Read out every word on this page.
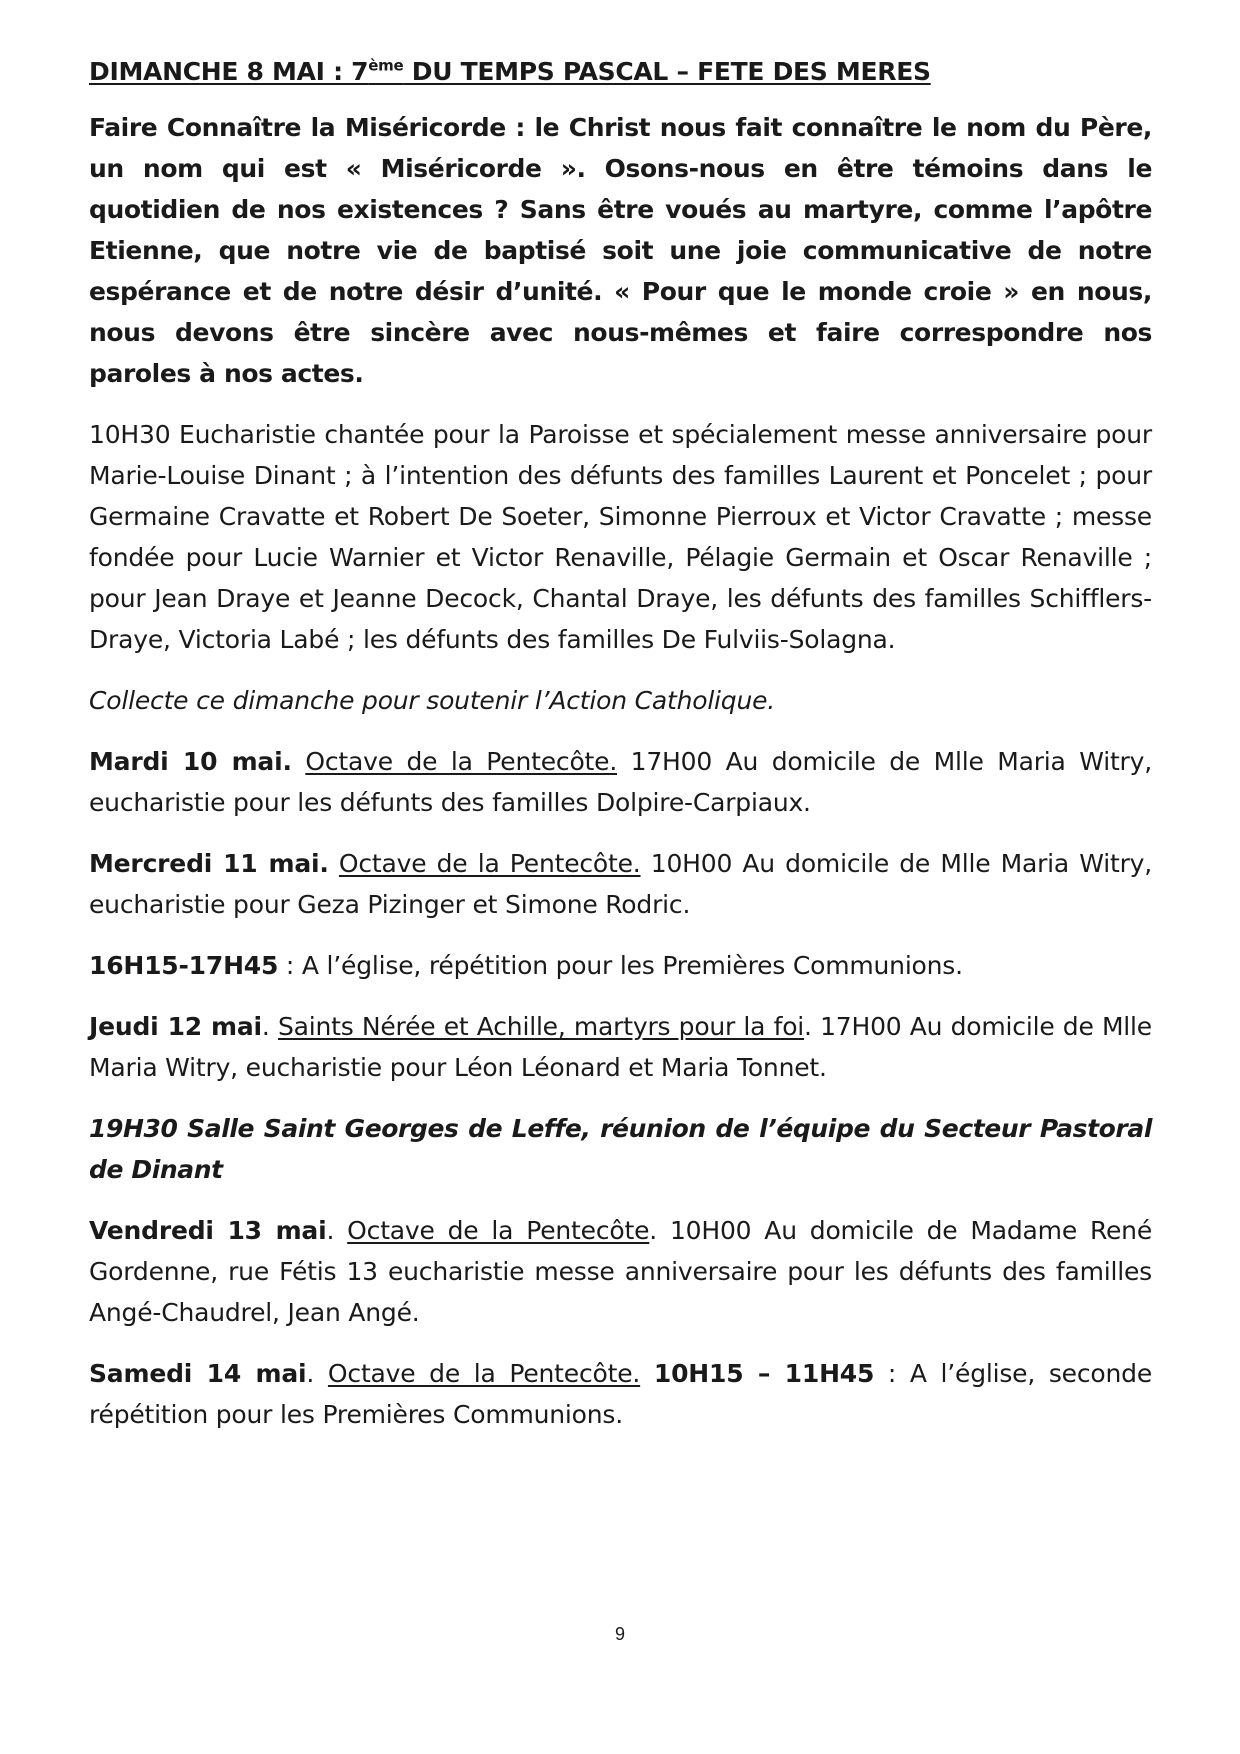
DIMANCHE 8 MAI : 7ème DU TEMPS PASCAL – FETE DES MERES

Faire Connaître la Miséricorde : le Christ nous fait connaître le nom du Père, un nom qui est « Miséricorde ». Osons-nous en être témoins dans le quotidien de nos existences ? Sans être voués au martyre, comme l’apôtre Etienne, que notre vie de baptisé soit une joie communicative de notre espérance et de notre désir d’unité. « Pour que le monde croie » en nous, nous devons être sincère avec nous-mêmes et faire correspondre nos paroles à nos actes.

10H30 Eucharistie chantée pour la Paroisse et spécialement messe anniversaire pour Marie-Louise Dinant ; à l’intention des défunts des familles Laurent et Poncelet ; pour Germaine Cravatte et Robert De Soeter, Simonne Pierroux et Victor Cravatte ; messe fondée pour Lucie Warnier et Victor Renaville, Pélagie Germain et Oscar Renaville ; pour Jean Draye et Jeanne Decock, Chantal Draye, les défunts des familles Schifflers-Draye, Victoria Labé ; les défunts des familles De Fulviis-Solagna.

Collecte ce dimanche pour soutenir l’Action Catholique.

Mardi 10 mai. Octave de la Pentecôte. 17H00 Au domicile de Mlle Maria Witry, eucharistie pour les défunts des familles Dolpire-Carpiaux.

Mercredi 11 mai. Octave de la Pentecôte. 10H00 Au domicile de Mlle Maria Witry, eucharistie pour Geza Pizinger et Simone Rodric.

16H15-17H45 : A l’église, répétition pour les Premières Communions.

Jeudi 12 mai. Saints Nérée et Achille, martyrs pour la foi. 17H00 Au domicile de Mlle Maria Witry, eucharistie pour Léon Léonard et Maria Tonnet.

19H30 Salle Saint Georges de Leffe, réunion de l’équipe du Secteur Pastoral de Dinant

Vendredi 13 mai. Octave de la Pentecôte. 10H00 Au domicile de Madame René Gordenne, rue Fétis 13 eucharistie messe anniversaire pour les défunts des familles Angé-Chaudrel, Jean Angé.

Samedi 14 mai. Octave de la Pentecôte. 10H15 – 11H45 : A l’église, seconde répétition pour les Premières Communions.

9
